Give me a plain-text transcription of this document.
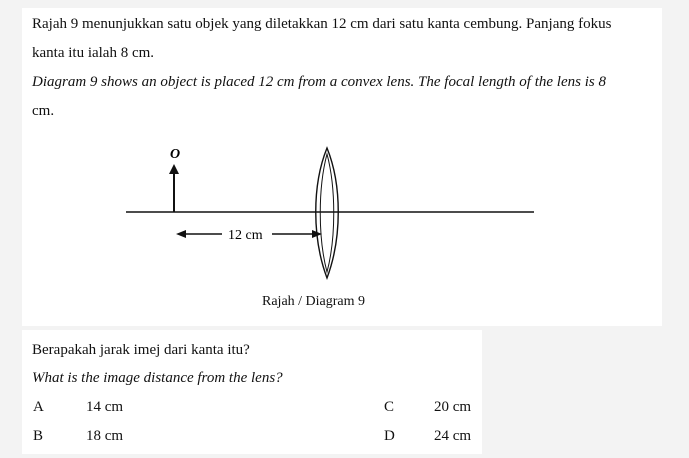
Rajah 9 menunjukkan satu objek yang diletakkan 12 cm dari satu kanta cembung. Panjang fokus
kanta itu ialah 8 cm.
Diagram 9 shows an object is placed 12 cm from a convex lens. The focal length of the lens is 8
cm.
O
12 cm
Rajah / Diagram 9
Berapakah jarak imej dari kanta itu?
What is the image distance from the lens?
A	14 cm
B	18 cm
C	20 cm
D	24 cm
